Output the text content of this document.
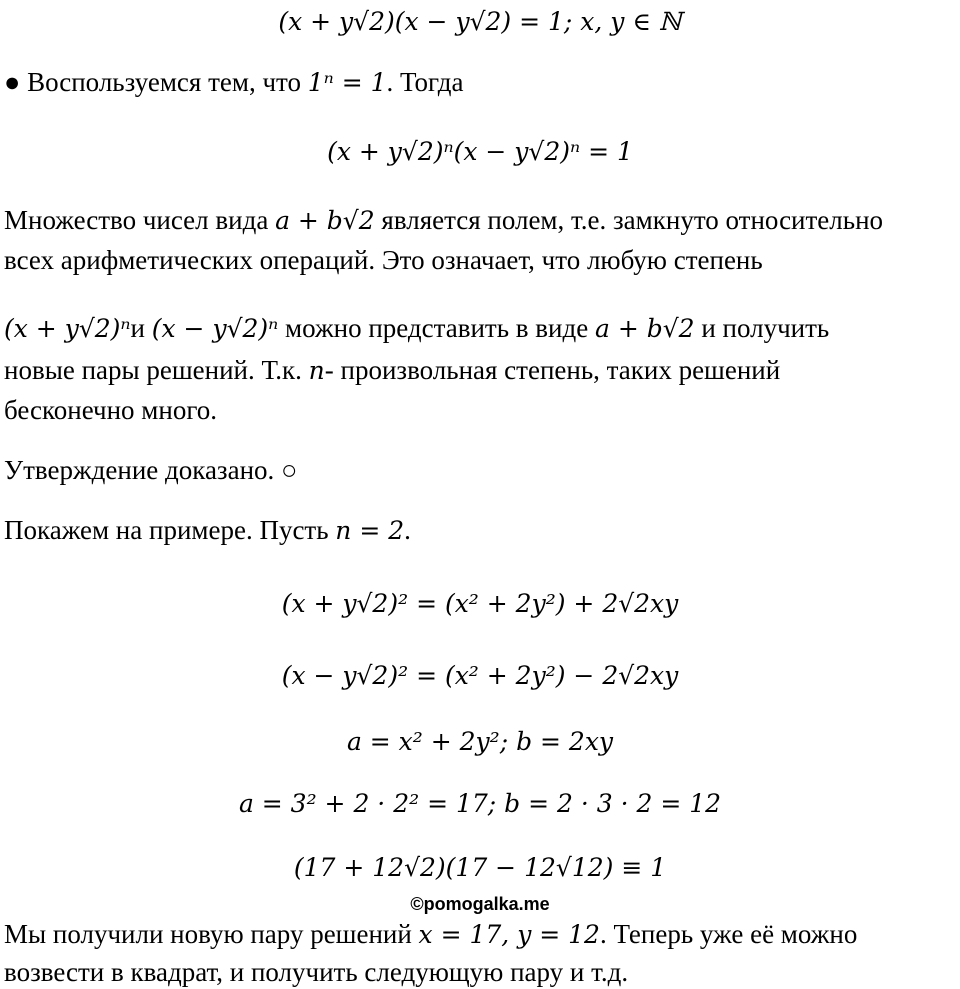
(x + y√2)(x − y√2) = 1; x, y ∈ ℕ
● Воспользуемся тем, что 1ⁿ = 1. Тогда
(x + y√2)ⁿ(x − y√2)ⁿ = 1
Множество чисел вида a + b√2 является полем, т.е. замкнуто относительно
всех арифметических операций. Это означает, что любую степень
(x + y√2)ⁿи (x − y√2)ⁿ можно представить в виде a + b√2 и получить
новые пары решений. Т.к. n- произвольная степень, таких решений
бесконечно много.
Утверждение доказано. ○
Покажем на примере. Пусть n = 2.
(x + y√2)² = (x² + 2y²) + 2√2xy
(x − y√2)² = (x² + 2y²) − 2√2xy
a = x² + 2y²; b = 2xy
a = 3² + 2 · 2² = 17; b = 2 · 3 · 2 = 12
(17 + 12√2)(17 − 12√12) ≡ 1
©pomogalka.me
Мы получили новую пару решений x = 17, y = 12. Теперь уже её можно
возвести в квадрат, и получить следующую пару и т.д.
